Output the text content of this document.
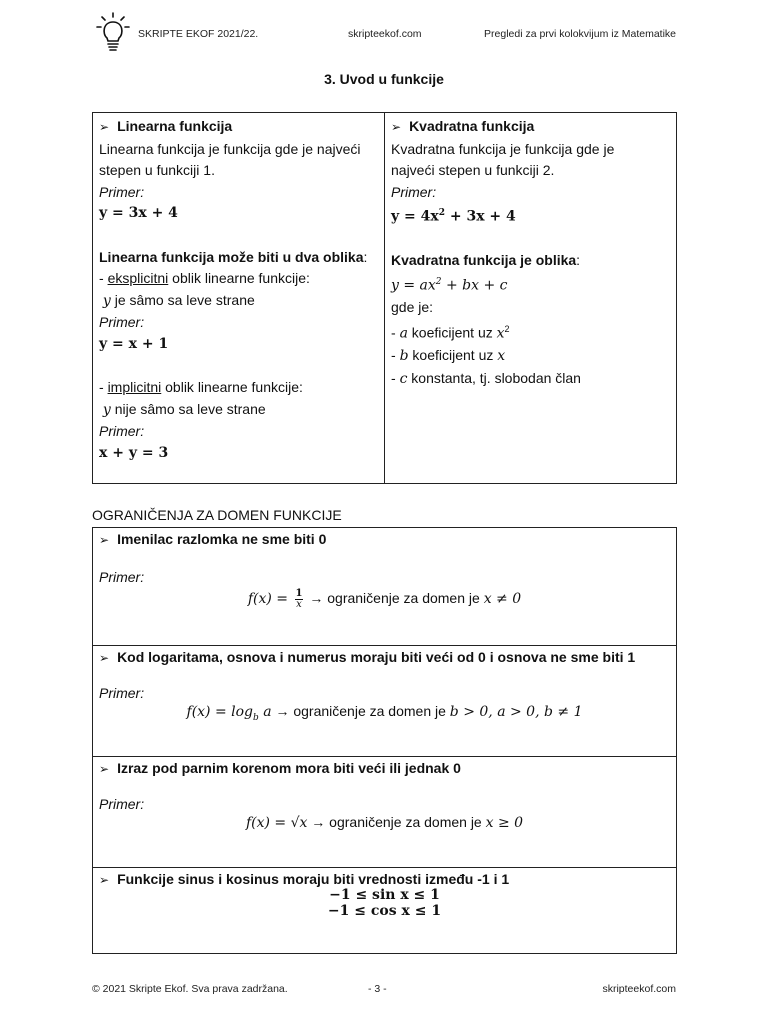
SKRIPTE EKOF 2021/22.	skripteekof.com	Pregledi za prvi kolokvijum iz Matematike
3. Uvod u funkcije
➢ Linearna funkcija
Linearna funkcija je funkcija gde je najveći
stepen u funkciji 1.
Primer:
y = 3x + 4
Linearna funkcija može biti u dva oblika:
- eksplicitni oblik linearne funkcije:
y je sâmo sa leve strane
Primer:
y = x + 1
- implicitni oblik linearne funkcije:
y nije sâmo sa leve strane
Primer:
x + y = 3

➢ Kvadratna funkcija
Kvadratna funkcija je funkcija gde je
najveći stepen u funkciji 2.
Primer:
$y = 4x^2 + 3x + 4$
Kvadratna funkcija je oblika:
$y = ax^2$ + bx + c
gde je:
- a koeficijent uz $x^2$
- b koeficijent uz x
- c konstanta, tj. slobodan član
OGRANIČENJA ZA DOMEN FUNKCIJE
➢ Imenilac razlomka ne sme biti 0
Primer:
$f(x) = \frac{1}{x}$ → ograničenje za domen je x ≠ 0

➢ Kod logaritama, osnova i numerus moraju biti veći od 0 i osnova ne sme biti 1
Primer:
$f(x) = \log_b a$ → ograničenje za domen je b > 0, a > 0, b ≠ 1

➢ Izraz pod parnim korenom mora biti veći ili jednak 0
Primer:
f(x) = √x → ograničenje za domen je x ≥ 0

➢ Funkcije sinus i kosinus moraju biti vrednosti između -1 i 1
−1 ≤ sin x ≤ 1
−1 ≤ cos x ≤ 1
© 2021 Skripte Ekof. Sva prava zadržana.	- 3 -	skripteekof.com
